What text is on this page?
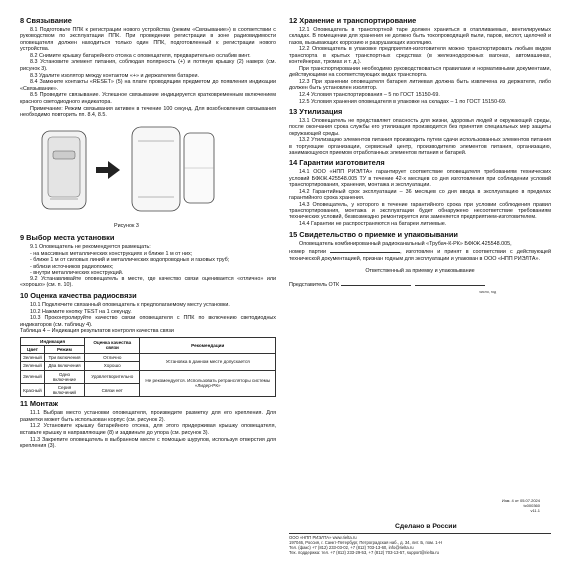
8 Связывание

8.1 Подготовьте ППК к регистрации нового устройства (режим «Связывание») в соответствии с руководством по эксплуатации ППК. При проведении регистрации в зоне радиовидимости оповещателя должен находиться только один ППК, подготовленный к регистрации нового устройства.

8.2 Снимите крышку батарейного отсека с оповещателя, предварительно ослабив винт.

8.3 Установите элемент питания, соблюдая полярность (+) и потянув крышку (2) наверх (см. рисунок 3).

8.3 Удалите изолятор между контактом «+» и держателем батареи.

8.4 Замкните контакты «RESET» (5) на плате проводящим предметом до появления индикации «Связывание».

8.5 Проведите связывание. Успешное связывание индицируется кратковременным включением красного светодиодного индикатора.

Примечание: Режим связывания активен в течение 100 секунд. Для возобновления связывания необходимо повторить пп. 8.4, 8.5.

Рисунок 3
9 Выбор места установки

9.1 Оповещатель не рекомендуется размещать:

- на массивных металлических конструкциях и ближе 1 м от них;
- ближе 1 м от силовых линий и металлических водопроводных и газовых труб;
- вблизи источников радиопомех;
- внутри металлических конструкций.

9.2 Устанавливайте оповещатель в месте, где качество связи оценивается «отлично» или «хорошо» (см. п. 10).

10 Оценка качества радиосвязи

10.1 Подключите связанный оповещатель к предполагаемому месту установки.

10.2 Нажмите кнопку TEST на 1 секунду.

10.3 Проконтролируйте качество связи оповещателя с ППК по включению светодиодных индикаторов (см. таблицу 4).

Таблица 4 – Индикация результатов контроля качества связи

Индикация		Оценка качества связи	Рекомендации
Цвет	Режим		
Зеленый	Три включения	Отлично	Установка в данном месте допускается
Зеленый	Два включения	Хорошо	
Зеленый	Одно включение	Удовлетворительно	Не рекомендуется. Использовать ретрансляторы системы «Лидер-РК»
Красный	Серия включений	Связи нет	
11 Монтаж

11.1 Выбрав место установки оповещателя, произведите разметку для его крепления. Для разметки может быть использован корпус (см. рисунок 2).

11.2 Установите крышку батарейного отсека, для этого придерживая крышку оповещателя, вставьте крышку в направляющие (8) и задвиньте до упора (см. рисунок 3).

11.3 Закрепите оповещатель в выбранном месте с помощью шурупов, используя отверстия для крепления (3).

12 Хранение и транспортирование

12.1 Оповещатель в транспортной таре должен храниться в отапливаемых, вентилируемых складах. В помещении для хранения не должно быть токопроводящей пыли, паров, кислот, щелочей и газов, вызывающих коррозию и разрушающих изоляцию.

12.2 Оповещатель в упаковке предприятия-изготовителя можно транспортировать любым видом транспорта в крытых транспортных средствах (в железнодорожных вагонах, автомашинах, контейнерах, трюмах и т. д.).

При транспортировании необходимо руководствоваться правилами и нормативными документами, действующими на соответствующих видах транспорта.

12.3 При хранении оповещателя батарея литиевая должна быть извлечена из держателя, либо должен быть установлен изолятор.

12.4 Условия транспортирования – 5 по ГОСТ 15150-69.

12.5 Условия хранения оповещателя в упаковке на складах – 1 по ГОСТ 15150-69.

13 Утилизация

13.1 Оповещатель не представляет опасность для жизни, здоровья людей и окружающей среды, после окончания срока службы его утилизация производится без принятия специальных мер защиты окружающей среды.

13.2 Утилизацию элементов питания производить путем сдачи использованных элементов питания в торгующие организации, сервисный центр, производителю элементов питания, организацию, занимающуюся приемом отработанных элементов питания и батарей.

14 Гарантии изготовителя

14.1 ООО «НПП РИЭЛТА» гарантирует соответствие оповещателя требованиям технических условий БФКЖ.425548.005 ТУ в течение 42-х месяцев со дня изготовления при соблюдении условий транспортирования, хранения, монтажа и эксплуатации.

14.2 Гарантийный срок эксплуатации – 36 месяцев со дня ввода в эксплуатацию в пределах гарантийного срока хранения.

14.3 Оповещатель, у которого в течение гарантийного срока при условии соблюдения правил транспортирования, монтажа и эксплуатации будет обнаружено несоответствие требованиям технических условий, безвозмездно ремонтируется или заменяется предприятием-изготовителем.

14.4 Гарантии не распространяются на батареи литиевые.

15 Свидетельство о приемке и упаковывании

Оповещатель комбинированный радиоканальный «Трубач-К-РК» БФКЖ.425548.005,

номер партии	, изготовлен и принят в соответствии с действующей технической документацией, признан годным для эксплуатации и упакован в ООО «НПП РИЭЛТА».

Ответственный за приемку и упаковывание

Представитель ОТК

число, год
Изм. 4 от 05.07.2024
tc000360
v11.1
Сделано в России
ООО «НПП РИЭЛТА» www.rielta.ru
197046, Россия, г. Санкт-Петербург, Петроградская наб., д. 34, лит. Б, пом. 1-Н
Тел. (факс) +7 (812) 233-03-02, +7 (812) 703-13-60, info@rielta.ru
Тех. поддержка: тел. +7 (812) 233-29-53, +7 (812) 703-13-57, support@rielta.ru
